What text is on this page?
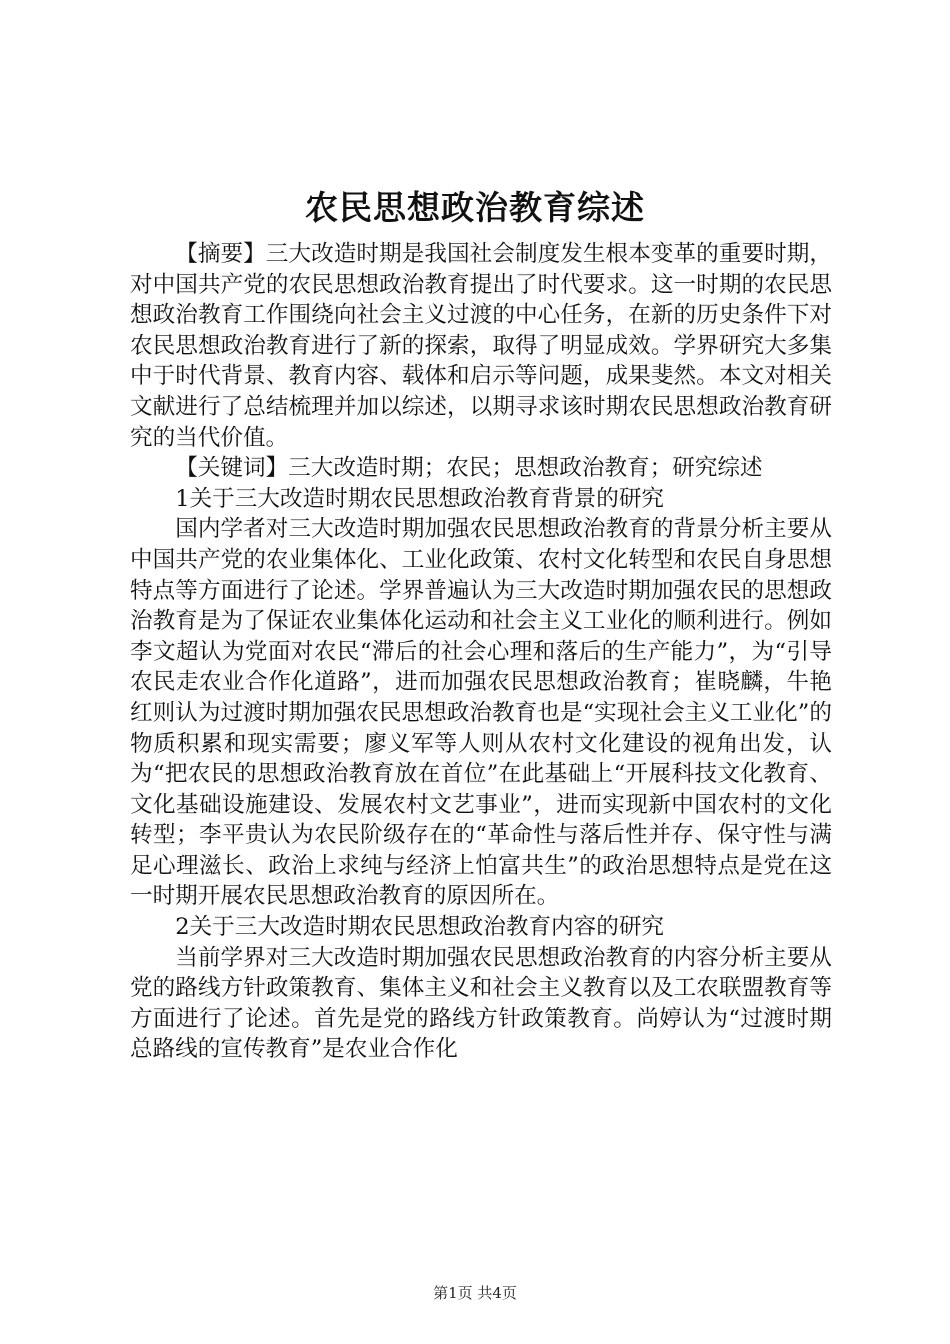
农民思想政治教育综述

【摘要】三大改造时期是我国社会制度发生根本变革的重要时期，对中国共产党的农民思想政治教育提出了时代要求。这一时期的农民思想政治教育工作围绕向社会主义过渡的中心任务，在新的历史条件下对农民思想政治教育进行了新的探索，取得了明显成效。学界研究大多集中于时代背景、教育内容、载体和启示等问题，成果斐然。本文对相关文献进行了总结梳理并加以综述，以期寻求该时期农民思想政治教育研究的当代价值。

【关键词】三大改造时期；农民；思想政治教育；研究综述

1关于三大改造时期农民思想政治教育背景的研究

国内学者对三大改造时期加强农民思想政治教育的背景分析主要从中国共产党的农业集体化、工业化政策、农村文化转型和农民自身思想特点等方面进行了论述。学界普遍认为三大改造时期加强农民的思想政治教育是为了保证农业集体化运动和社会主义工业化的顺利进行。例如李文超认为党面对农民“滞后的社会心理和落后的生产能力”，为“引导农民走农业合作化道路”，进而加强农民思想政治教育；崔晓麟，牛艳红则认为过渡时期加强农民思想政治教育也是“实现社会主义工业化”的物质积累和现实需要；廖义军等人则从农村文化建设的视角出发，认为“把农民的思想政治教育放在首位”在此基础上“开展科技文化教育、文化基础设施建设、发展农村文艺事业”，进而实现新中国农村的文化转型；李平贵认为农民阶级存在的“革命性与落后性并存、保守性与满足心理滋长、政治上求纯与经济上怕富共生”的政治思想特点是党在这一时期开展农民思想政治教育的原因所在。

2关于三大改造时期农民思想政治教育内容的研究

当前学界对三大改造时期加强农民思想政治教育的内容分析主要从党的路线方针政策教育、集体主义和社会主义教育以及工农联盟教育等方面进行了论述。首先是党的路线方针政策教育。尚婷认为“过渡时期总路线的宣传教育”是农业合作化

第1页 共4页
